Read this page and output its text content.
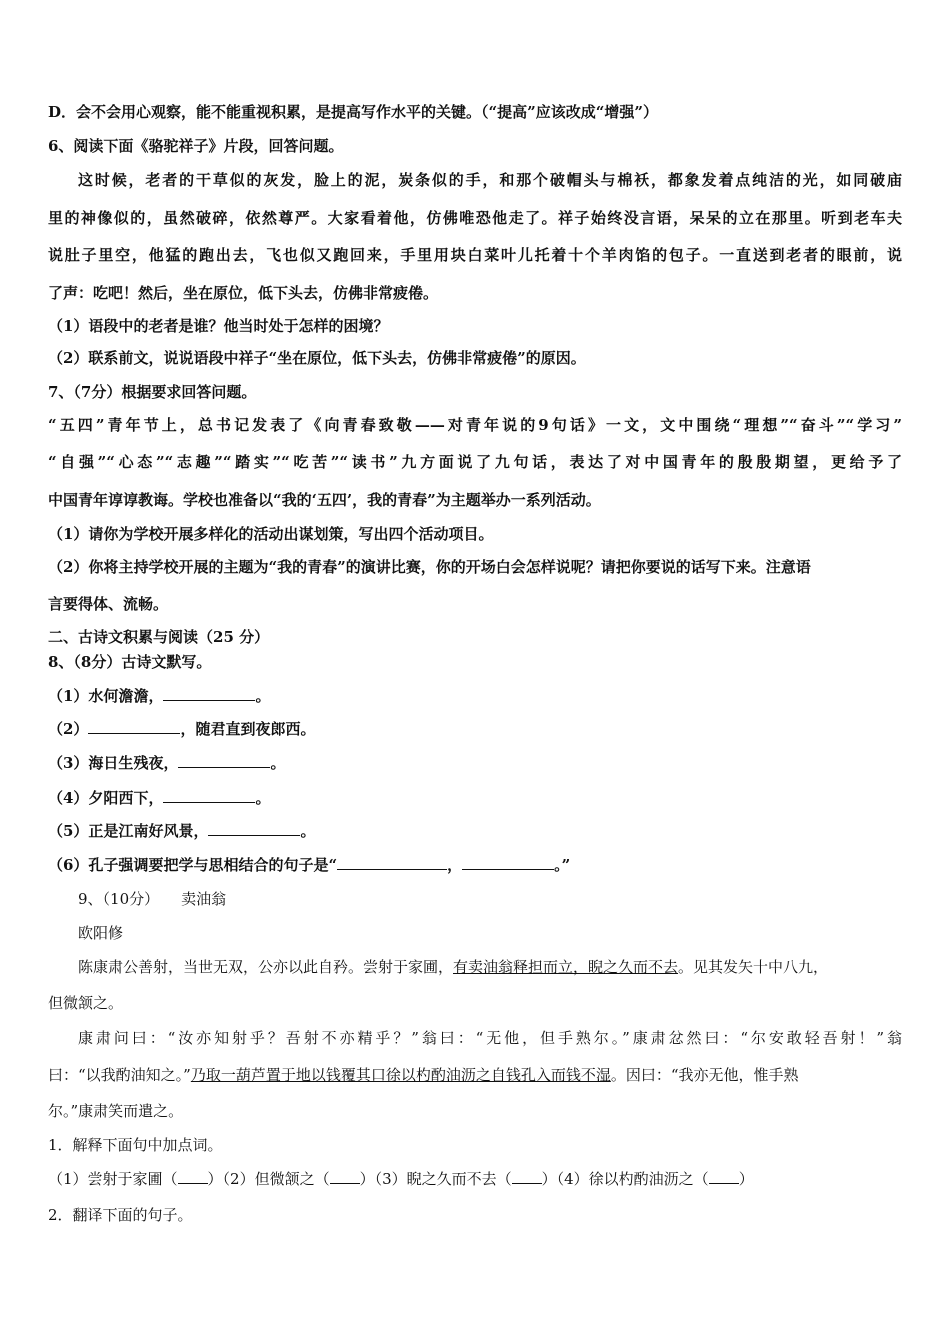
D．会不会用心观察，能不能重视积累，是提高写作水平的关键。（“提高”应该改成“增强”）
6、阅读下面《骆驼祥子》片段，回答问题。
这时候，老者的干草似的灰发，脸上的泥，炭条似的手，和那个破帽头与棉袄，都象发着点纯洁的光，如同破庙
里的神像似的，虽然破碎，依然尊严。大家看着他，仿佛唯恐他走了。祥子始终没言语，呆呆的立在那里。听到老车夫
说肚子里空，他猛的跑出去，飞也似又跑回来，手里用块白菜叶儿托着十个羊肉馅的包子。一直送到老者的眼前，说
了声：吃吧！然后，坐在原位，低下头去，仿佛非常疲倦。
（1）语段中的老者是谁？他当时处于怎样的困境？
（2）联系前文，说说语段中祥子“坐在原位，低下头去，仿佛非常疲倦”的原因。
7、（7分）根据要求回答问题。
“五四”青年节上，总书记发表了《向青春致敬——对青年说的9句话》一文，文中围绕“理想”“奋斗”“学习”
“自强”“心态”“志趣”“踏实”“吃苦”“读书”九方面说了九句话，表达了对中国青年的殷殷期望，更给予了
中国青年谆谆教诲。学校也准备以“我的‘五四’，我的青春”为主题举办一系列活动。
（1）请你为学校开展多样化的活动出谋划策，写出四个活动项目。
（2）你将主持学校开展的主题为“我的青春”的演讲比赛，你的开场白会怎样说呢？请把你要说的话写下来。注意语
言要得体、流畅。
二、古诗文积累与阅读（25 分）
8、（8分）古诗文默写。
（1）水何澹澹，	。
（2）	，随君直到夜郎西。
（3）海日生残夜，	。
（4）夕阳西下，	。
（5）正是江南好风景，	。
（6）孔子强调要把学与思相结合的句子是“	，	。”
9、（10分） 卖油翁
欧阳修
陈康肃公善射，当世无双，公亦以此自矜。尝射于家圃，有卖油翁释担而立，睨之久而不去。见其发矢十中八九，
但微颔之。
康肃问曰：“汝亦知射乎？吾射不亦精乎？”翁曰：“无他，但手熟尔。”康肃忿然曰：“尔安敢轻吾射！”翁
曰：“以我酌油知之。”乃取一葫芦置于地以钱覆其口徐以杓酌油沥之自钱孔入而钱不湿。因曰：“我亦无他，惟手熟
尔。”康肃笑而遣之。
1．解释下面句中加点词。
（1）尝射于家圃（ ）（2）但微颔之（ ）（3）睨之久而不去（ ）（4）徐以杓酌油沥之（ ）
2．翻译下面的句子。
